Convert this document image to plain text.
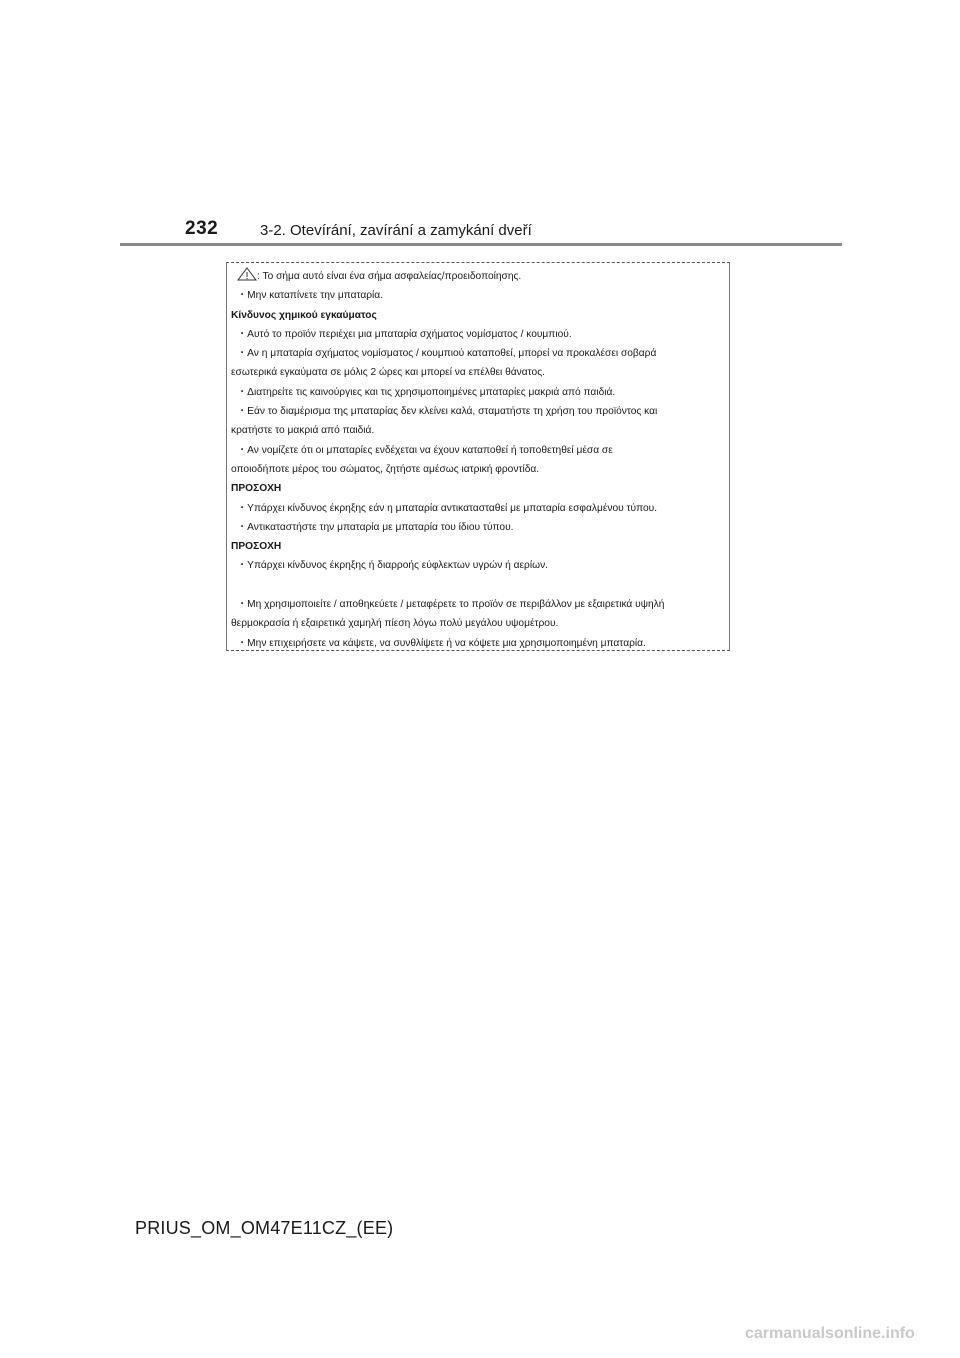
232	3-2. Otevírání, zavírání a zamykání dveří
: Το σήμα αυτό είναι ένα σήμα ασφαλείας/προειδοποίησης.
・Μην καταπίνετε την μπαταρία.
Κίνδυνος χημικού εγκαύματος
・Αυτό το προϊόν περιέχει μια μπαταρία σχήματος νομίσματος / κουμπιού.
・Αν η μπαταρία σχήματος νομίσματος / κουμπιού καταποθεί, μπορεί να προκαλέσει σοβαρά
εσωτερικά εγκαύματα σε μόλις 2 ώρες και μπορεί να επέλθει θάνατος.
・Διατηρείτε τις καινούργιες και τις χρησιμοποιημένες μπαταρίες μακριά από παιδιά.
・Εάν το διαμέρισμα της μπαταρίας δεν κλείνει καλά, σταματήστε τη χρήση του προϊόντος και
κρατήστε το μακριά από παιδιά.
・Αν νομίζετε ότι οι μπαταρίες ενδέχεται να έχουν καταποθεί ή τοποθετηθεί μέσα σε
οποιοδήποτε μέρος του σώματος, ζητήστε αμέσως ιατρική φροντίδα.
ΠΡΟΣΟΧΗ
・Υπάρχει κίνδυνος έκρηξης εάν η μπαταρία αντικατασταθεί με μπαταρία εσφαλμένου τύπου.
・Αντικαταστήστε την μπαταρία με μπαταρία του ίδιου τύπου.
ΠΡΟΣΟΧΗ
・Υπάρχει κίνδυνος έκρηξης ή διαρροής εύφλεκτων υγρών ή αερίων.
・Μη χρησιμοποιείτε / αποθηκεύετε / μεταφέρετε το προϊόν σε περιβάλλον με εξαιρετικά υψηλή
θερμοκρασία ή εξαιρετικά χαμηλή πίεση λόγω πολύ μεγάλου υψομέτρου.
・Μην επιχειρήσετε να κάψετε, να συνθλίψετε ή να κόψετε μια χρησιμοποιημένη μπαταρία.
PRIUS_OM_OM47E11CZ_(EE)
carmanualsonline.info
